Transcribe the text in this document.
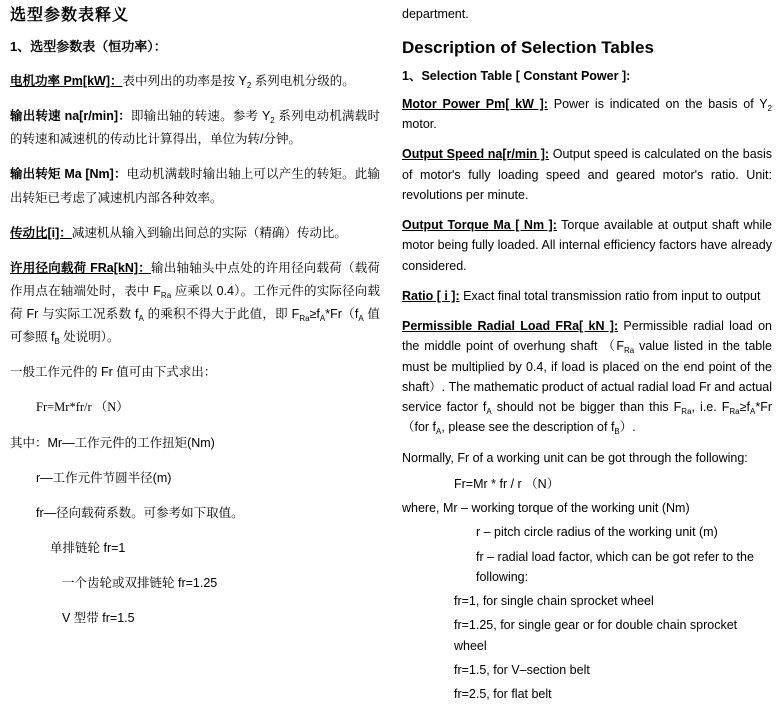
选型参数表释义

1、选型参数表（恒功率）：

电机功率 Pm[kW]：表中列出的功率是按 $Y_2$ 系列电机分级的。

输出转速 na[r/min]：即输出轴的转速。参考 $Y_2$ 系列电动机满载时的转速和减速机的传动比计算得出，单位为转/分钟。

输出转矩 Ma [Nm]：电动机满载时输出轴上可以产生的转矩。此输出转矩已考虑了减速机内部各种效率。

传动比[i]：减速机从输入到输出间总的实际（精确）传动比。

许用径向载荷 FRa[kN]：输出轴轴头中点处的许用径向载荷（载荷作用点在轴端处时，表中 $F_{Ra}$ 应乘以 0.4）。工作元件的实际径向载荷 Fr 与实际工况系数 $f_A$ 的乘积不得大于此值，即 $F_{Ra}\ge f_A*Fr(f_A$ 值可参照 $f_B$ 处说明）。

一般工作元件的 Fr 值可由下式求出：

Fr=Mr*fr/r （N）

其中：Mr—工作元件的工作扭矩(Nm)

r—工作元件节圆半径(m)

fr—径向载荷系数。可参考如下取值。

单排链轮 fr=1

一个齿轮或双排链轮 fr=1.25

V 型带 fr=1.5

department.

Description of Selection Tables

1、Selection Table [ Constant Power ]:

Motor Power Pm[ kW ]: Power is indicated on the basis of $Y_2$ motor.

Output Speed na[r/min ]: Output speed is calculated on the basis of motor's fully loading speed and geared motor's ratio. Unit: revolutions per minute.

Output Torque Ma [ Nm ]: Torque available at output shaft while motor being fully loaded. All internal efficiency factors have already considered.

Ratio [ i ]: Exact final total transmission ratio from input to output

Permissible Radial Load FRa[ kN ]: Permissible radial load on the middle point of overhung shaft （$F_{Ra}$ value listed in the table must be multiplied by 0.4, if load is placed on the end point of the shaft）. The mathematic product of actual radial load Fr and actual service factor $f_A$ should not be bigger than this $F_{Ra}$, i.e. $F_{Ra}\ge f_A*Fr$ （for $f_A$, please see the description of $f_B$）.

Normally, Fr of a working unit can be got through the following:

Fr=Mr * fr / r （N）

where, Mr – working torque of the working unit (Nm)

r – pitch circle radius of the working unit (m)

fr – radial load factor, which can be got refer to the following:

fr=1, for single chain sprocket wheel

fr=1.25, for single gear or for double chain sprocket wheel

fr=1.5, for V–section belt

fr=2.5, for flat belt
